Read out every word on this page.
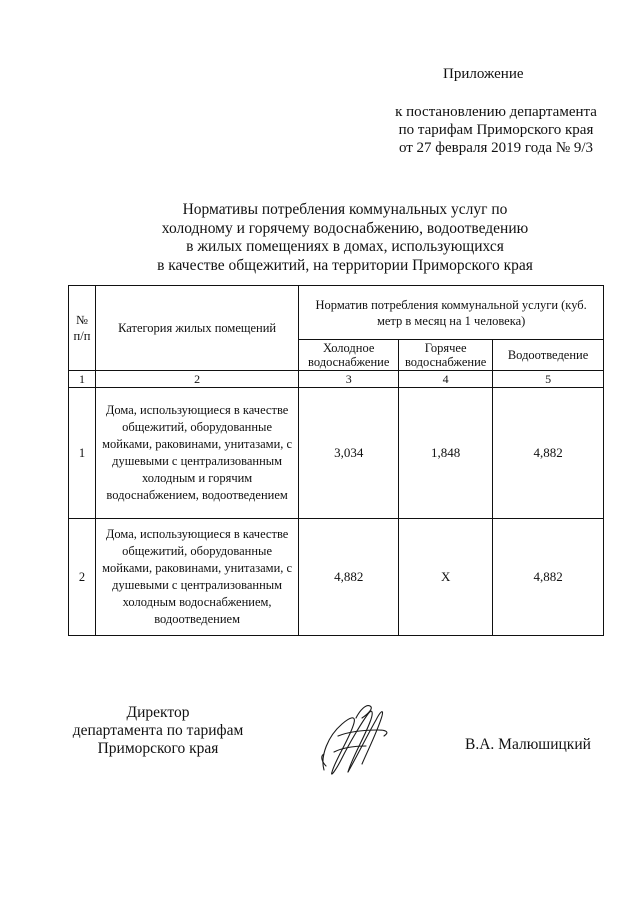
Приложение
к постановлению департамента
по тарифам Приморского края
от 27 февраля 2019 года № 9/3
Нормативы потребления коммунальных услуг по
холодному и горячему водоснабжению, водоотведению
в жилых помещениях в домах, использующихся
в качестве общежитий, на территории Приморского края
№ п/п	Категория жилых помещений	Норматив потребления коммунальной услуги (куб. метр в месяц на 1 человека)		
		Холодное водоснабжение	Горячее водоснабжение	Водоотведение
1	2	3	4	5
1	Дома, использующиеся в качестве общежитий, оборудованные мойками, раковинами, унитазами, с душевыми с централизованным холодным и горячим водоснабжением, водоотведением	3,034	1,848	4,882
2	Дома, использующиеся в качестве общежитий, оборудованные мойками, раковинами, унитазами, с душевыми с централизованным холодным водоснабжением, водоотведением	4,882	Х	4,882
Директор
департамента по тарифам
Приморского края	В.А. Малюшицкий
